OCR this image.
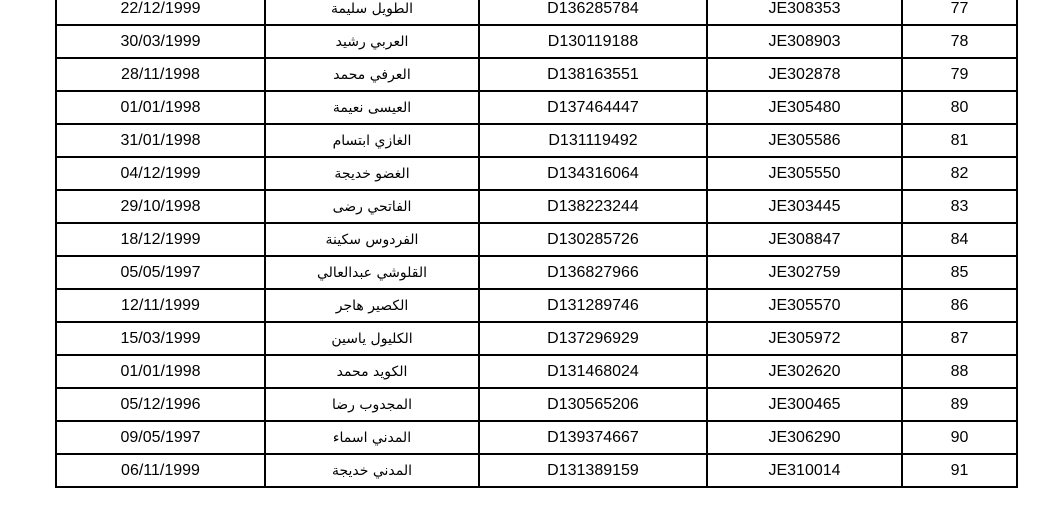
22/12/1999	الطويل سليمة	D136285784	JE308353	77
30/03/1999	العربي رشيد	D130119188	JE308903	78
28/11/1998	العرفي محمد	D138163551	JE302878	79
01/01/1998	العيسى نعيمة	D137464447	JE305480	80
31/01/1998	الغازي ابتسام	D131119492	JE305586	81
04/12/1999	الغضو خديجة	D134316064	JE305550	82
29/10/1998	الفاتحي رضى	D138223244	JE303445	83
18/12/1999	الفردوس سكينة	D130285726	JE308847	84
05/05/1997	القلوشي عبدالعالي	D136827966	JE302759	85
12/11/1999	الكصير هاجر	D131289746	JE305570	86
15/03/1999	الكليول ياسين	D137296929	JE305972	87
01/01/1998	الكويد محمد	D131468024	JE302620	88
05/12/1996	المجدوب رضا	D130565206	JE300465	89
09/05/1997	المدني اسماء	D139374667	JE306290	90
06/11/1999	المدني خديجة	D131389159	JE310014	91
